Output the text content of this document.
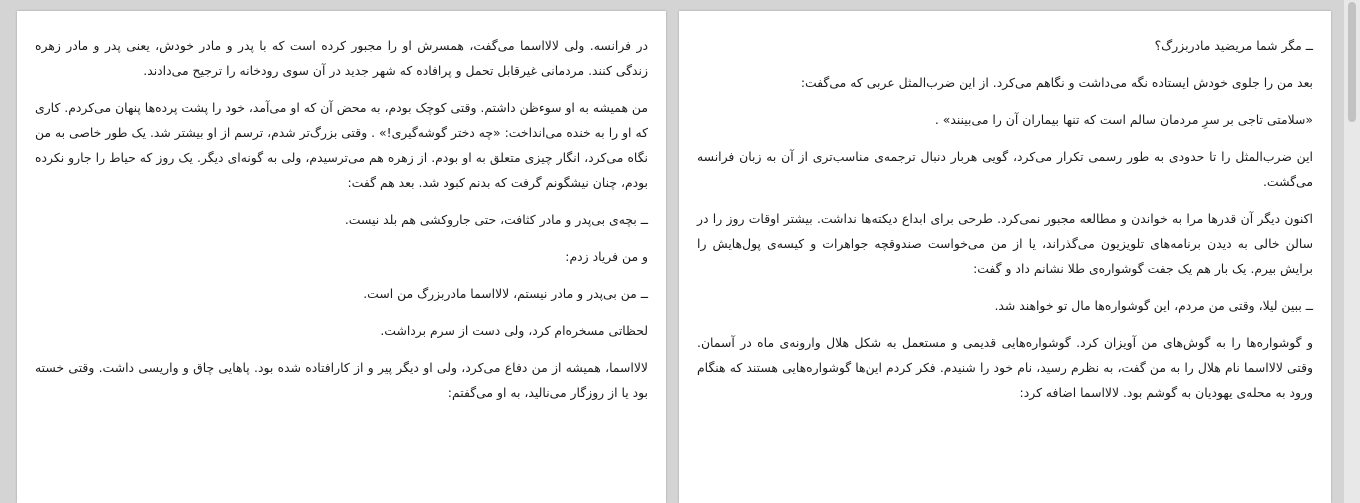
در فرانسه. ولی لالااسما می‌گفت، همسرش او را مجبور کرده است که با پدر و مادر خودش، یعنی پدر و مادر زهره زندگی کنند. مردمانی غیرقابل تحمل و پرافاده که شهر جدید در آن سوی رودخانه را ترجیح می‌دادند.

من همیشه به او سوءظن داشتم. وقتی کوچک بودم، به محض آن که او می‌آمد، خود را پشت پرده‌ها پنهان می‌کردم. کاری که او را به خنده می‌انداخت: «چه دختر گوشه‌گیری!» . وقتی بزرگ‌تر شدم، ترسم از او بیشتر شد. یک طور خاصی به من نگاه می‌کرد، انگار چیزی متعلق به او بودم. از زهره هم می‌ترسیدم، ولی به گونه‌ای دیگر. یک روز که حیاط را جارو نکرده بودم، چنان نیشگونم گرفت که بدنم کبود شد. بعد هم گفت:

ــ بچه‌ی بی‌پدر و مادر کثافت، حتی جاروکشی هم بلد نیست.

و من فریاد زدم:

ــ من بی‌پدر و مادر نیستم، لالااسما مادربزرگ من است.

لحظاتی مسخره‌ام کرد، ولی دست از سرم برداشت.

لالااسما، همیشه از من دفاع می‌کرد، ولی او دیگر پیر و از کارافتاده شده بود. پاهایی چاق و واریسی داشت. وقتی خسته بود یا از روزگار می‌نالید، به او می‌گفتم:

ــ مگر شما مریضید مادربزرگ؟

بعد من را جلوی خودش ایستاده نگه می‌داشت و نگاهم می‌کرد. از این ضرب‌المثل عربی که می‌گفت:

«سلامتی تاجی بر سرِ مردمان سالم است که تنها بیماران آن را می‌بینند» .

این ضرب‌المثل را تا حدودی به طور رسمی تکرار می‌کرد، گویی هربار دنبال ترجمه‌ی مناسب‌تری از آن به زبان فرانسه می‌گشت.

اکنون دیگر آن قدرها مرا به خواندن و مطالعه مجبور نمی‌کرد. طرحی برای ابداع دیکته‌ها نداشت. بیشتر اوقات روز را در سالن خالی به دیدن برنامه‌های تلویزیون می‌گذراند، یا از من می‌خواست صندوقچه جواهرات و کیسه‌ی پول‌هایش را برایش بیرم. یک بار هم یک جفت گوشواره‌ی طلا نشانم داد و گفت:

ــ ببین لیلا، وقتی من مردم، این گوشواره‌ها مال تو خواهند شد.

و گوشواره‌ها را به گوش‌های من آویزان کرد. گوشواره‌هایی قدیمی و مستعمل به شکل هلال وارونه‌ی ماه در آسمان. وقتی لالااسما نام هلال را به من گفت، به نظرم رسید، نام خود را شنیدم. فکر کردم این‌ها گوشواره‌هایی هستند که هنگام ورود به محله‌ی یهودیان به گوشم بود. لالااسما اضافه کرد:
